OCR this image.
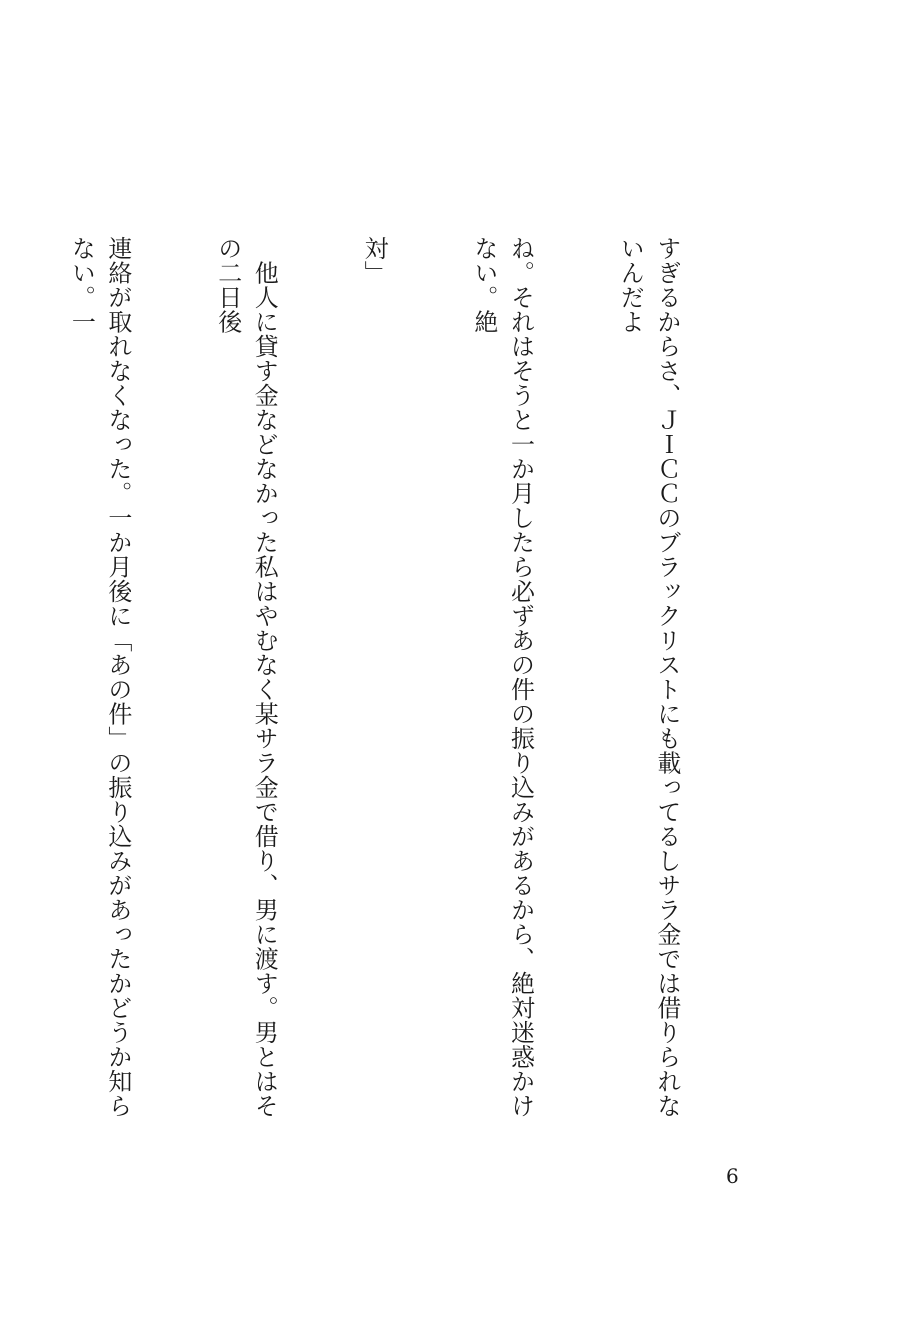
すぎるからさ、ＪＩＣＣのブラックリストにも載ってるしサラ金では借りられないんだよ

ね。それはそうと一か月したら必ずあの件の振り込みがあるから、絶対迷惑かけない。絶

対」

　他人に貸す金などなかった私はやむなく某サラ金で借り、男に渡す。男とはその二日後

連絡が取れなくなった。一か月後に「あの件」の振り込みがあったかどうか知らない。一

6
